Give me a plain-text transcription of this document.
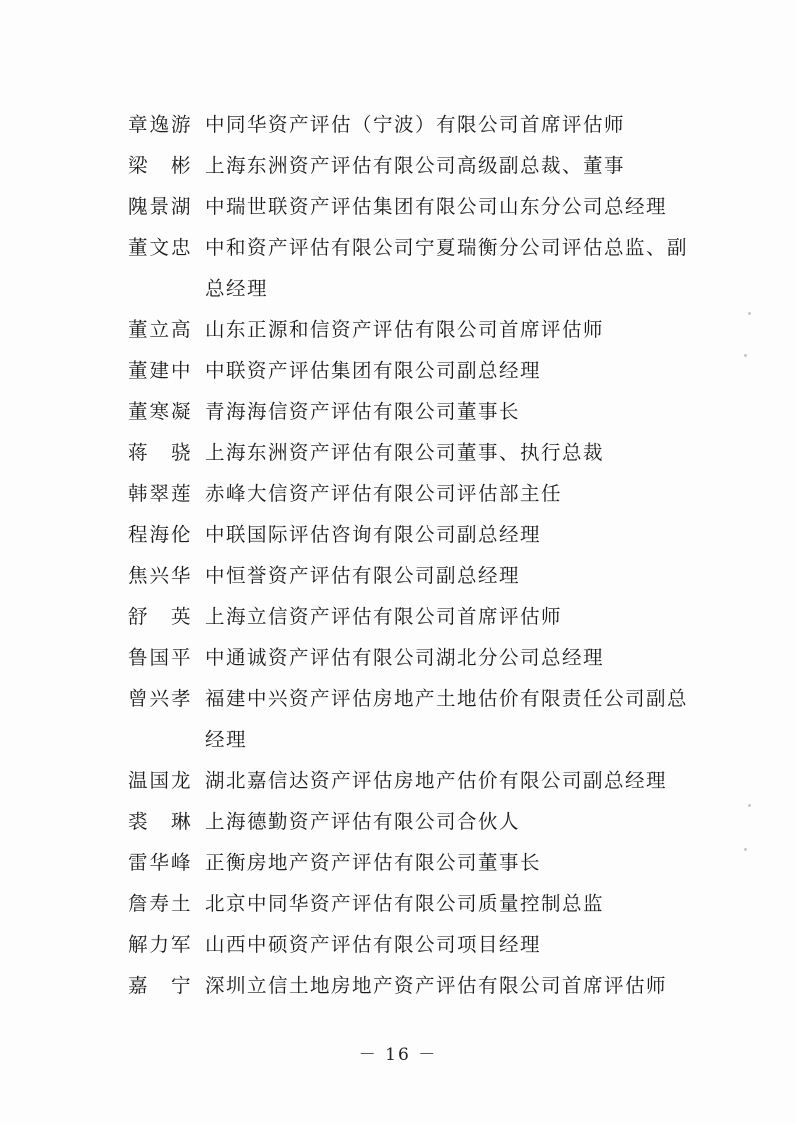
章逸游 中同华资产评估（宁波）有限公司首席评估师
梁彬 上海东洲资产评估有限公司高级副总裁、董事
隗景湖 中瑞世联资产评估集团有限公司山东分公司总经理
董文忠 中和资产评估有限公司宁夏瑞衡分公司评估总监、副总经理
董立高 山东正源和信资产评估有限公司首席评估师
董建中 中联资产评估集团有限公司副总经理
董寒凝 青海海信资产评估有限公司董事长
蒋骁 上海东洲资产评估有限公司董事、执行总裁
韩翠莲 赤峰大信资产评估有限公司评估部主任
程海伦 中联国际评估咨询有限公司副总经理
焦兴华 中恒誉资产评估有限公司副总经理
舒英 上海立信资产评估有限公司首席评估师
鲁国平 中通诚资产评估有限公司湖北分公司总经理
曾兴孝 福建中兴资产评估房地产土地估价有限责任公司副总经理
温国龙 湖北嘉信达资产评估房地产估价有限公司副总经理
裘琳 上海德勤资产评估有限公司合伙人
雷华峰 正衡房地产资产评估有限公司董事长
詹寿土 北京中同华资产评估有限公司质量控制总监
解力军 山西中硕资产评估有限公司项目经理
嘉宁 深圳立信土地房地产资产评估有限公司首席评估师
－ 16 －
